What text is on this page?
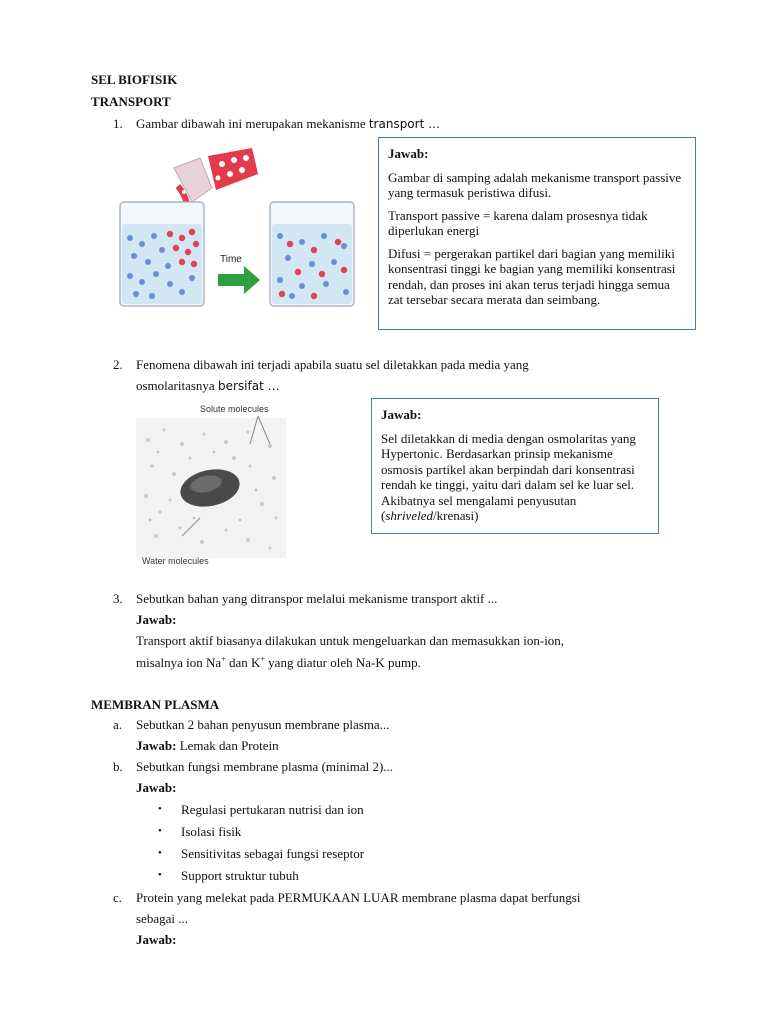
SEL BIOFISIK
TRANSPORT
1.	Gambar dibawah ini merupakan mekanisme transport …
Time
Jawab:

Gambar di samping adalah mekanisme transport passive yang termasuk peristiwa difusi.

Transport passive = karena dalam prosesnya tidak diperlukan energi

Difusi = pergerakan partikel dari bagian yang memiliki konsentrasi tinggi ke bagian yang memiliki konsentrasi rendah, dan proses ini akan terus terjadi hingga semua zat tersebar secara merata dan seimbang.

2.	Fenomena dibawah ini terjadi apabila suatu sel diletakkan pada media yang
osmolaritasnya bersifat …
Solute molecules
Water molecules
Jawab:

Sel diletakkan di media dengan osmolaritas yang Hypertonic. Berdasarkan prinsip mekanisme osmosis partikel akan berpindah dari konsentrasi rendah ke tinggi, yaitu dari dalam sel ke luar sel. Akibatnya sel mengalami penyusutan (shriveled/krenasi)

3.	Sebutkan bahan yang ditranspor melalui mekanisme transport aktif ...
Jawab:
Transport aktif biasanya dilakukan untuk mengeluarkan dan memasukkan ion-ion,
misalnya ion Na+ dan K+ yang diatur oleh Na-K pump.
MEMBRAN PLASMA
a.	Sebutkan 2 bahan penyusun membrane plasma...
Jawab: Lemak dan Protein
b.	Sebutkan fungsi membrane plasma (minimal 2)...
Jawab:
• Regulasi pertukaran nutrisi dan ion
• Isolasi fisik
• Sensitivitas sebagai fungsi reseptor
• Support struktur tubuh
c.	Protein yang melekat pada PERMUKAAN LUAR membrane plasma dapat berfungsi
sebagai ...
Jawab:
